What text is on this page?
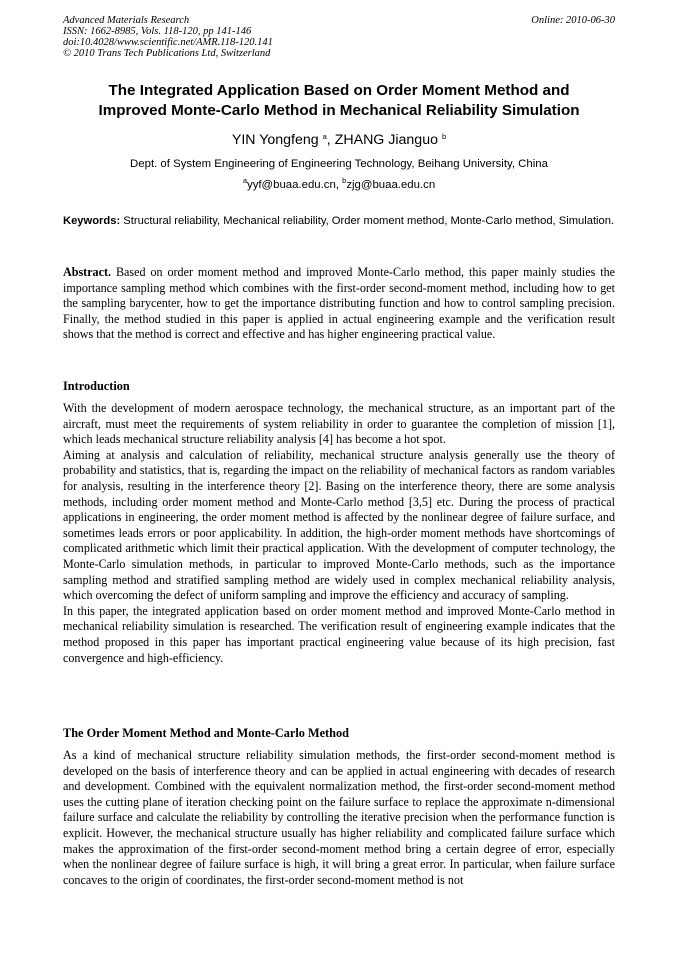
Advanced Materials Research
ISSN: 1662-8985, Vols. 118-120, pp 141-146
doi:10.4028/www.scientific.net/AMR.118-120.141
© 2010 Trans Tech Publications Ltd, Switzerland
Online: 2010-06-30
The Integrated Application Based on Order Moment Method and
Improved Monte-Carlo Method in Mechanical Reliability Simulation
YIN Yongfeng $^a$, ZHANG Jianguo $^b$
Dept. of System Engineering of Engineering Technology, Beihang University, China
$^a$yyf@buaa.edu.cn, $^b$zjg@buaa.edu.cn
Keywords: Structural reliability, Mechanical reliability, Order moment method, Monte-Carlo method, Simulation.
Abstract. Based on order moment method and improved Monte-Carlo method, this paper mainly studies the importance sampling method which combines with the first-order second-moment method, including how to get the sampling barycenter, how to get the importance distributing function and how to control sampling precision. Finally, the method studied in this paper is applied in actual engineering example and the verification result shows that the method is correct and effective and has higher engineering practical value.
Introduction

With the development of modern aerospace technology, the mechanical structure, as an important part of the aircraft, must meet the requirements of system reliability in order to guarantee the completion of mission [1], which leads mechanical structure reliability analysis [4] has become a hot spot.

Aiming at analysis and calculation of reliability, mechanical structure analysis generally use the theory of probability and statistics, that is, regarding the impact on the reliability of mechanical factors as random variables for analysis, resulting in the interference theory [2]. Basing on the interference theory, there are some analysis methods, including order moment method and Monte-Carlo method [3,5] etc. During the process of practical applications in engineering, the order moment method is affected by the nonlinear degree of failure surface, and sometimes leads errors or poor applicability. In addition, the high-order moment methods have shortcomings of complicated arithmetic which limit their practical application. With the development of computer technology, the Monte-Carlo simulation methods, in particular to improved Monte-Carlo methods, such as the importance sampling method and stratified sampling method are widely used in complex mechanical reliability analysis, which overcoming the defect of uniform sampling and improve the efficiency and accuracy of sampling.

In this paper, the integrated application based on order moment method and improved Monte-Carlo method in mechanical reliability simulation is researched. The verification result of engineering example indicates that the method proposed in this paper has important practical engineering value because of its high precision, fast convergence and high-efficiency.

The Order Moment Method and Monte-Carlo Method

As a kind of mechanical structure reliability simulation methods, the first-order second-moment method is developed on the basis of interference theory and can be applied in actual engineering with decades of research and development. Combined with the equivalent normalization method, the first-order second-moment method uses the cutting plane of iteration checking point on the failure surface to replace the approximate n-dimensional failure surface and calculate the reliability by controlling the iterative precision when the performance function is explicit. However, the mechanical structure usually has higher reliability and complicated failure surface which makes the approximation of the first-order second-moment method bring a certain degree of error, especially when the nonlinear degree of failure surface is high, it will bring a great error. In particular, when failure surface concaves to the origin of coordinates, the first-order second-moment method is not
